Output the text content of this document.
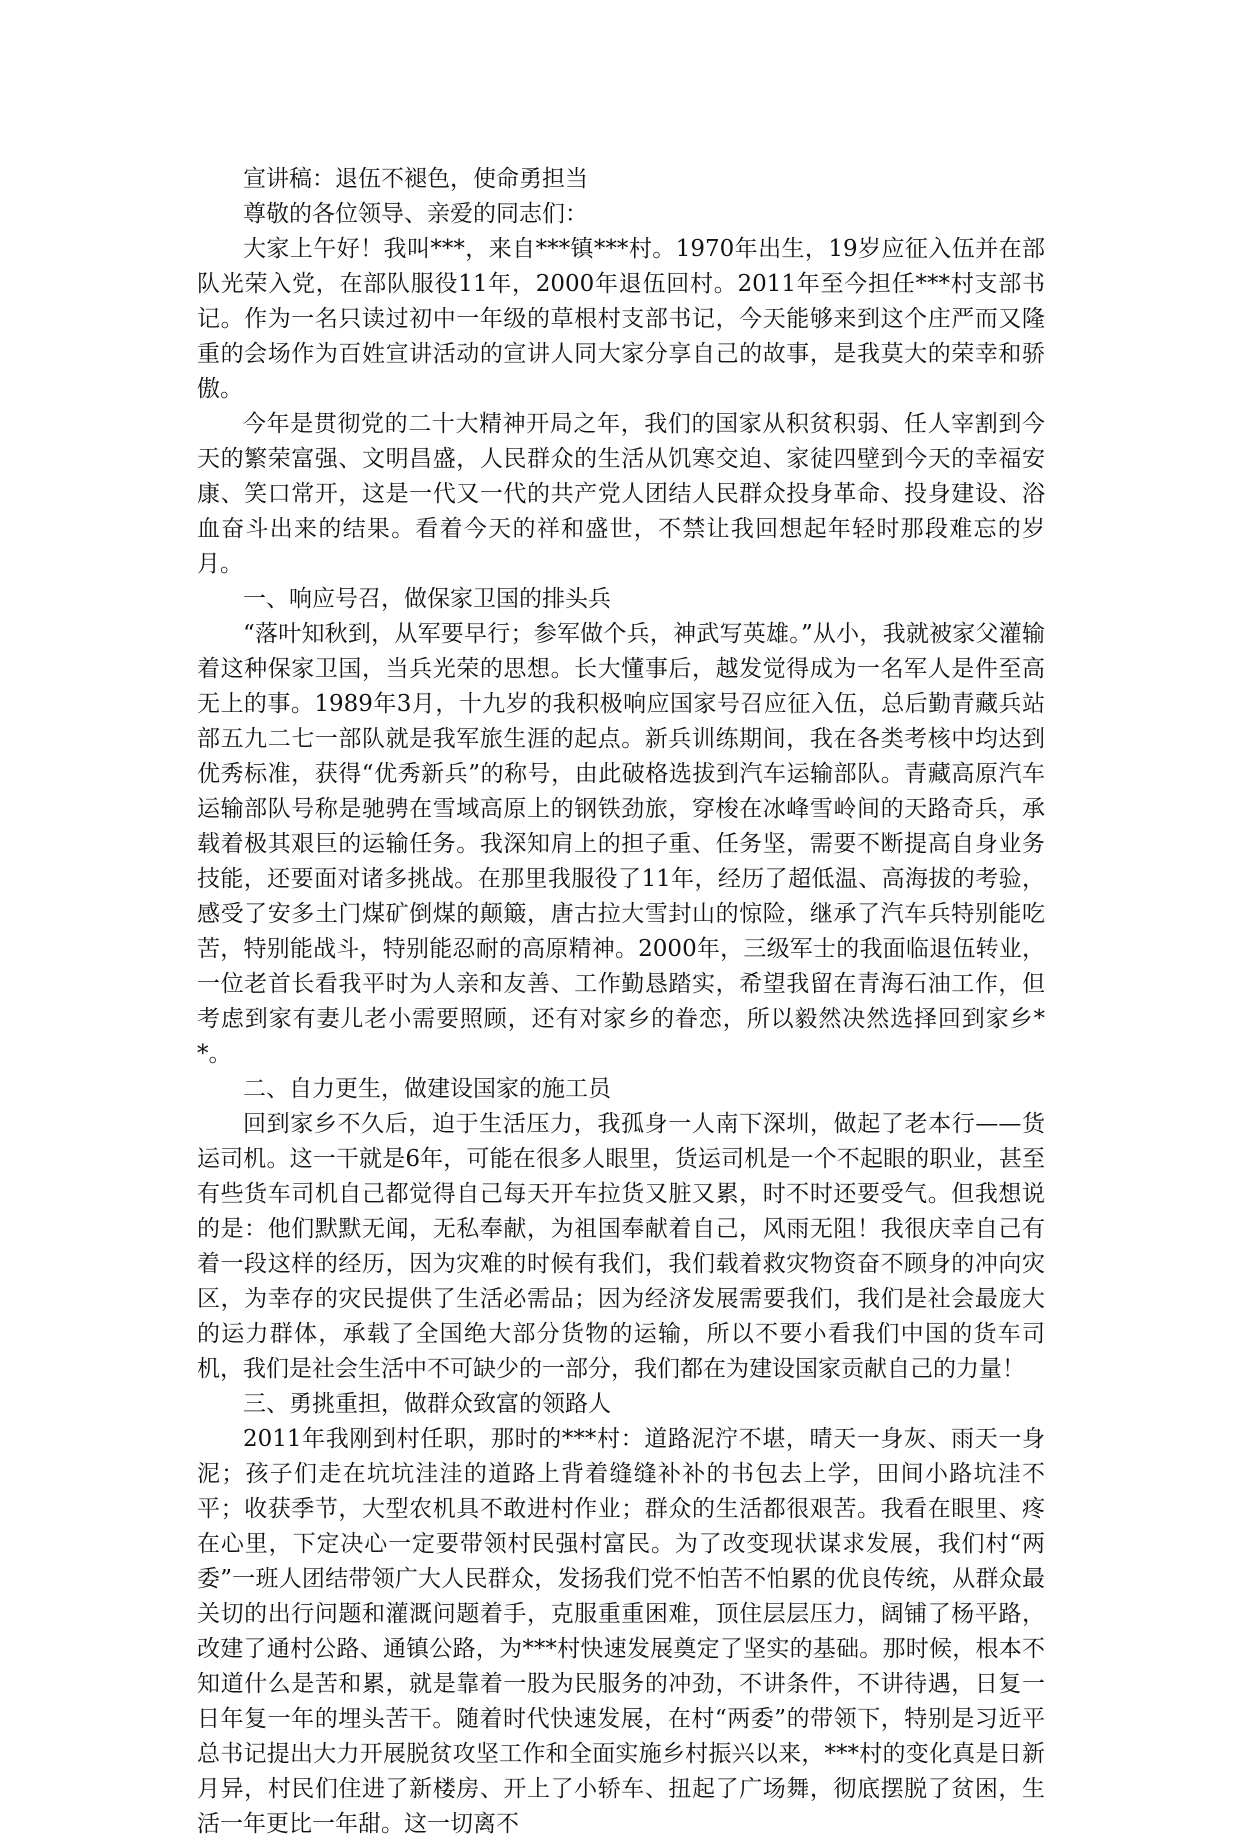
宣讲稿：退伍不褪色，使命勇担当

尊敬的各位领导、亲爱的同志们：

大家上午好！我叫***，来自***镇***村。1970年出生，19岁应征入伍并在部队光荣入党，在部队服役11年，2000年退伍回村。2011年至今担任***村支部书记。作为一名只读过初中一年级的草根村支部书记，今天能够来到这个庄严而又隆重的会场作为百姓宣讲活动的宣讲人同大家分享自己的故事，是我莫大的荣幸和骄傲。

今年是贯彻党的二十大精神开局之年，我们的国家从积贫积弱、任人宰割到今天的繁荣富强、文明昌盛，人民群众的生活从饥寒交迫、家徒四壁到今天的幸福安康、笑口常开，这是一代又一代的共产党人团结人民群众投身革命、投身建设、浴血奋斗出来的结果。看着今天的祥和盛世，不禁让我回想起年轻时那段难忘的岁月。

一、响应号召，做保家卫国的排头兵

“落叶知秋到，从军要早行；参军做个兵，神武写英雄。”从小，我就被家父灌输着这种保家卫国，当兵光荣的思想。长大懂事后，越发觉得成为一名军人是件至高无上的事。1989年3月，十九岁的我积极响应国家号召应征入伍，总后勤青藏兵站部五九二七一部队就是我军旅生涯的起点。新兵训练期间，我在各类考核中均达到优秀标准，获得“优秀新兵”的称号，由此破格选拔到汽车运输部队。青藏高原汽车运输部队号称是驰骋在雪域高原上的钢铁劲旅，穿梭在冰峰雪岭间的天路奇兵，承载着极其艰巨的运输任务。我深知肩上的担子重、任务坚，需要不断提高自身业务技能，还要面对诸多挑战。在那里我服役了11年，经历了超低温、高海拔的考验，感受了安多土门煤矿倒煤的颠簸，唐古拉大雪封山的惊险，继承了汽车兵特别能吃苦，特别能战斗，特别能忍耐的高原精神。2000年，三级军士的我面临退伍转业，一位老首长看我平时为人亲和友善、工作勤恳踏实，希望我留在青海石油工作，但考虑到家有妻儿老小需要照顾，还有对家乡的眷恋，所以毅然决然选择回到家乡**。

二、自力更生，做建设国家的施工员

回到家乡不久后，迫于生活压力，我孤身一人南下深圳，做起了老本行——货运司机。这一干就是6年，可能在很多人眼里，货运司机是一个不起眼的职业，甚至有些货车司机自己都觉得自己每天开车拉货又脏又累，时不时还要受气。但我想说的是：他们默默无闻，无私奉献，为祖国奉献着自己，风雨无阻！我很庆幸自己有着一段这样的经历，因为灾难的时候有我们，我们载着救灾物资奋不顾身的冲向灾区，为幸存的灾民提供了生活必需品；因为经济发展需要我们，我们是社会最庞大的运力群体，承载了全国绝大部分货物的运输，所以不要小看我们中国的货车司机，我们是社会生活中不可缺少的一部分，我们都在为建设国家贡献自己的力量！

三、勇挑重担，做群众致富的领路人

2011年我刚到村任职，那时的***村：道路泥泞不堪，晴天一身灰、雨天一身泥；孩子们走在坑坑洼洼的道路上背着缝缝补补的书包去上学，田间小路坑洼不平；收获季节，大型农机具不敢进村作业；群众的生活都很艰苦。我看在眼里、疼在心里，下定决心一定要带领村民强村富民。为了改变现状谋求发展，我们村“两委”一班人团结带领广大人民群众，发扬我们党不怕苦不怕累的优良传统，从群众最关切的出行问题和灌溉问题着手，克服重重困难，顶住层层压力，阔铺了杨平路，改建了通村公路、通镇公路，为***村快速发展奠定了坚实的基础。那时候，根本不知道什么是苦和累，就是靠着一股为民服务的冲劲，不讲条件，不讲待遇，日复一日年复一年的埋头苦干。随着时代快速发展，在村“两委”的带领下，特别是习近平总书记提出大力开展脱贫攻坚工作和全面实施乡村振兴以来，***村的变化真是日新月异，村民们住进了新楼房、开上了小轿车、扭起了广场舞，彻底摆脱了贫困，生活一年更比一年甜。这一切离不
